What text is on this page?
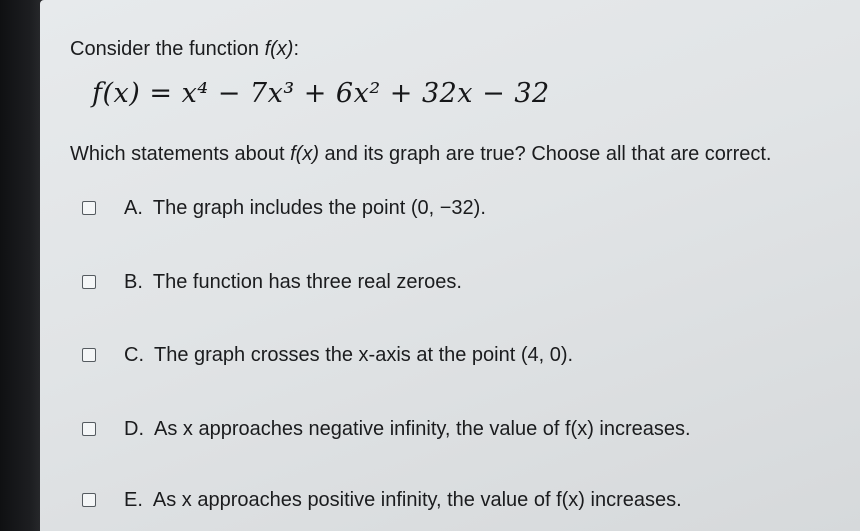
Consider the function f(x):
f(x) = x⁴ − 7x³ + 6x² + 32x − 32
Which statements about f(x) and its graph are true? Choose all that are correct.
A. The graph includes the point (0, −32).
B. The function has three real zeroes.
C. The graph crosses the x-axis at the point (4, 0).
D. As x approaches negative infinity, the value of f(x) increases.
E. As x approaches positive infinity, the value of f(x) increases.
